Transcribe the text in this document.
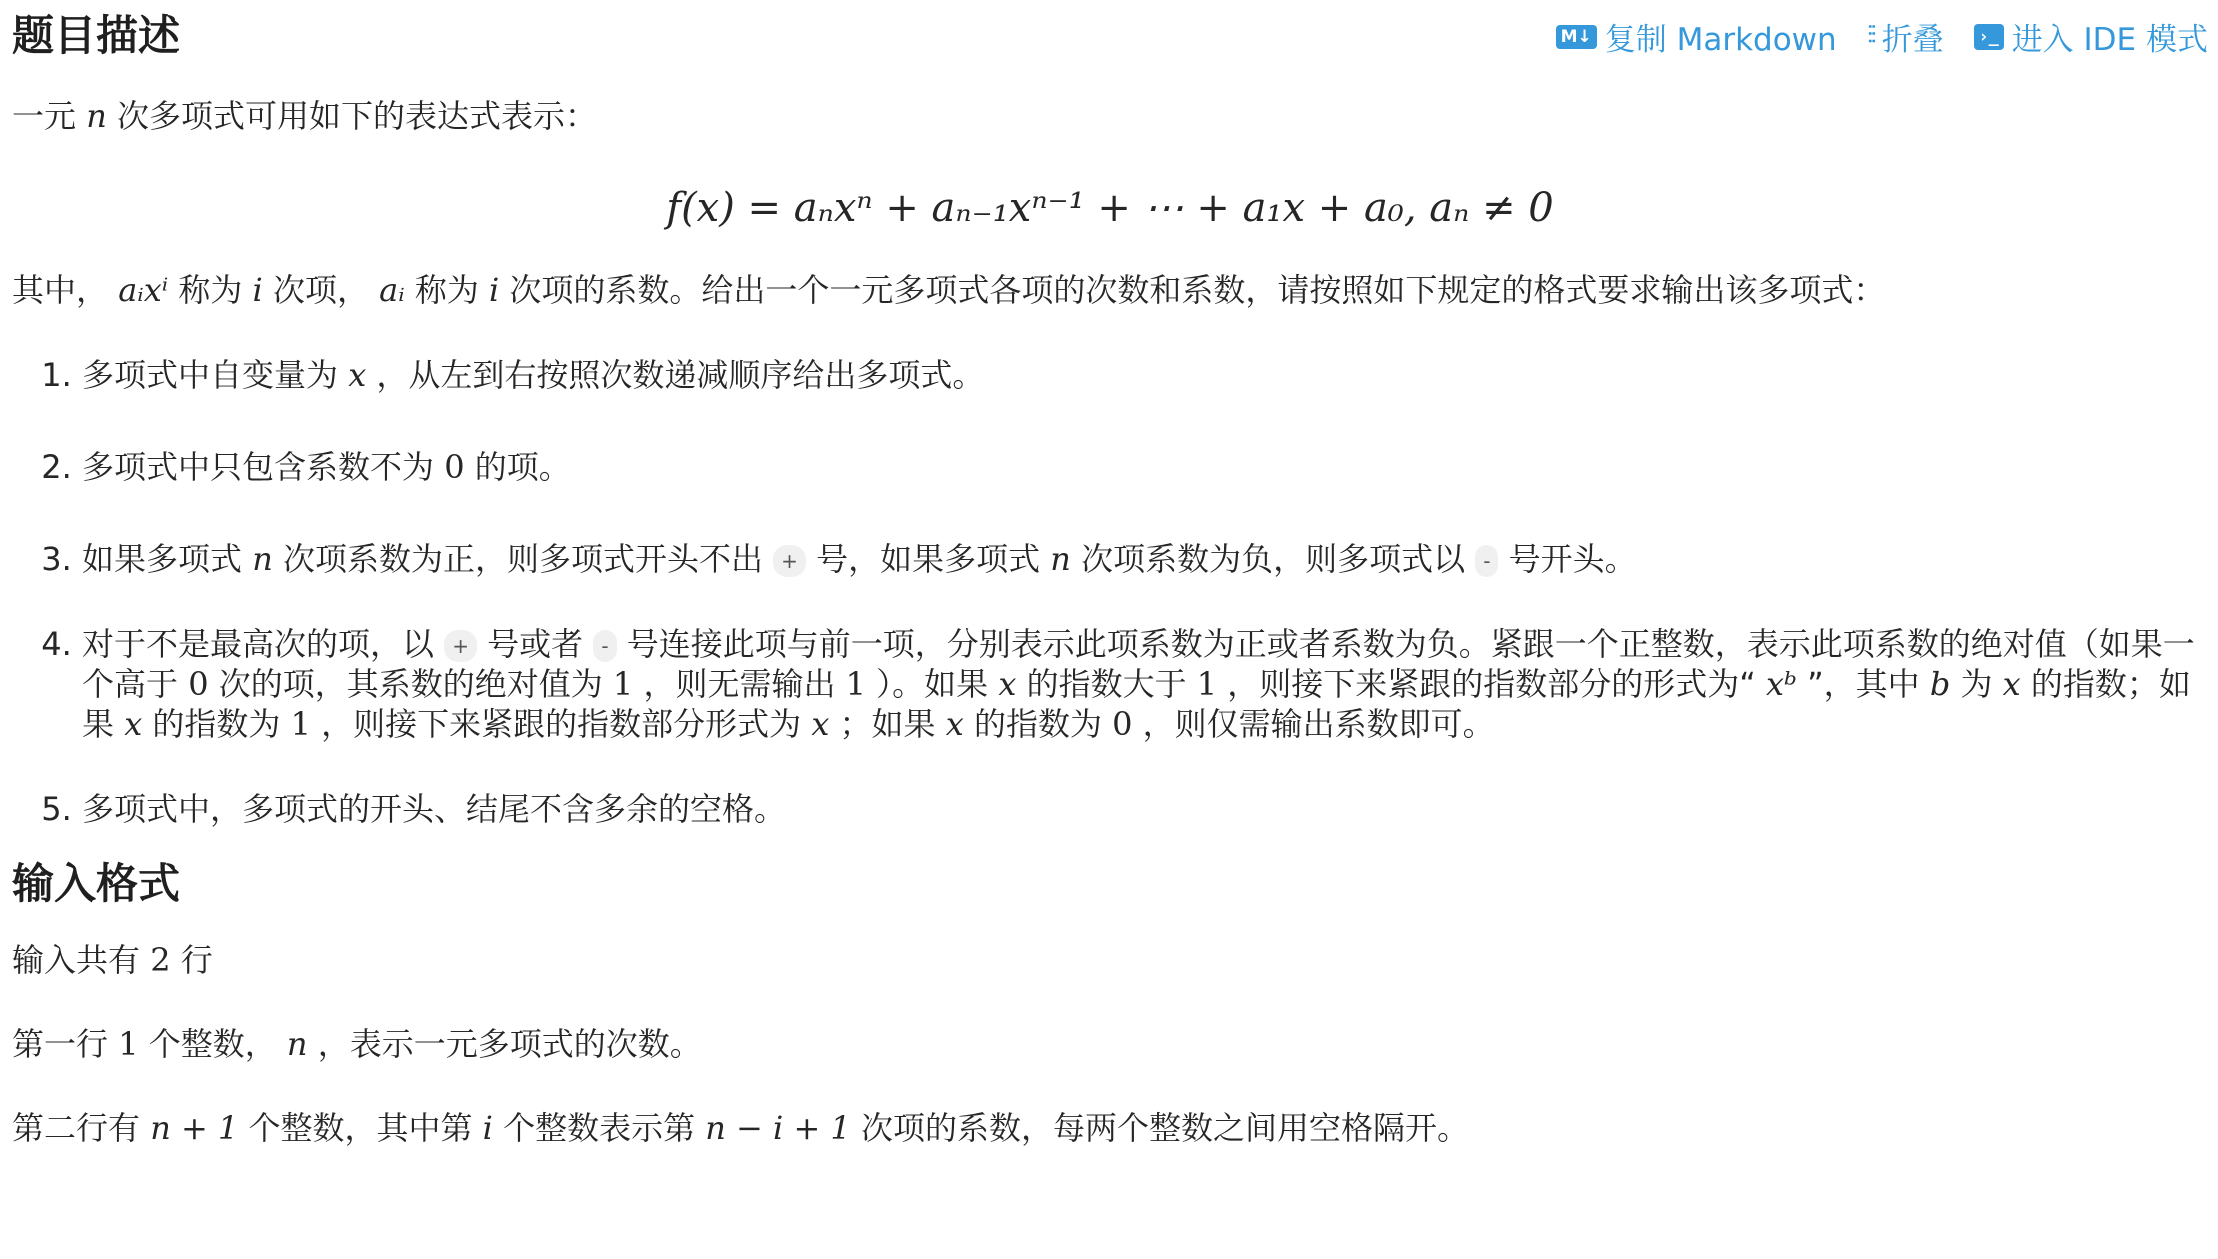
题目描述	M↓ 复制 Markdown ⫶⫶ 折叠 ›_ 进入 IDE 模式

一元 n 次多项式可用如下的表达式表示：

f(x) = aₙxⁿ + aₙ₋₁xⁿ⁻¹ + ⋯ + a₁x + a₀, aₙ ≠ 0

其中， aᵢxⁱ 称为 i 次项， aᵢ 称为 i 次项的系数。给出一个一元多项式各项的次数和系数，请按照如下规定的格式要求输出该多项式：

1. 多项式中自变量为 x ，从左到右按照次数递减顺序给出多项式。
2. 多项式中只包含系数不为 0 的项。
3. 如果多项式 n 次项系数为正，则多项式开头不出 + 号，如果多项式 n 次项系数为负，则多项式以 - 号开头。
4. 对于不是最高次的项，以 + 号或者 - 号连接此项与前一项，分别表示此项系数为正或者系数为负。紧跟一个正整数，表示此项系数的绝对值（如果一个高于 0 次的项，其系数的绝对值为 1 ，则无需输出 1 ）。如果 x 的指数大于 1 ，则接下来紧跟的指数部分的形式为“ xᵇ ”，其中 b 为 x 的指数；如果 x 的指数为 1 ，则接下来紧跟的指数部分形式为 x ；如果 x 的指数为 0 ，则仅需输出系数即可。
5. 多项式中，多项式的开头、结尾不含多余的空格。
输入格式

输入共有 2 行

第一行 1 个整数， n ，表示一元多项式的次数。

第二行有 n + 1 个整数，其中第 i 个整数表示第 n − i + 1 次项的系数，每两个整数之间用空格隔开。
